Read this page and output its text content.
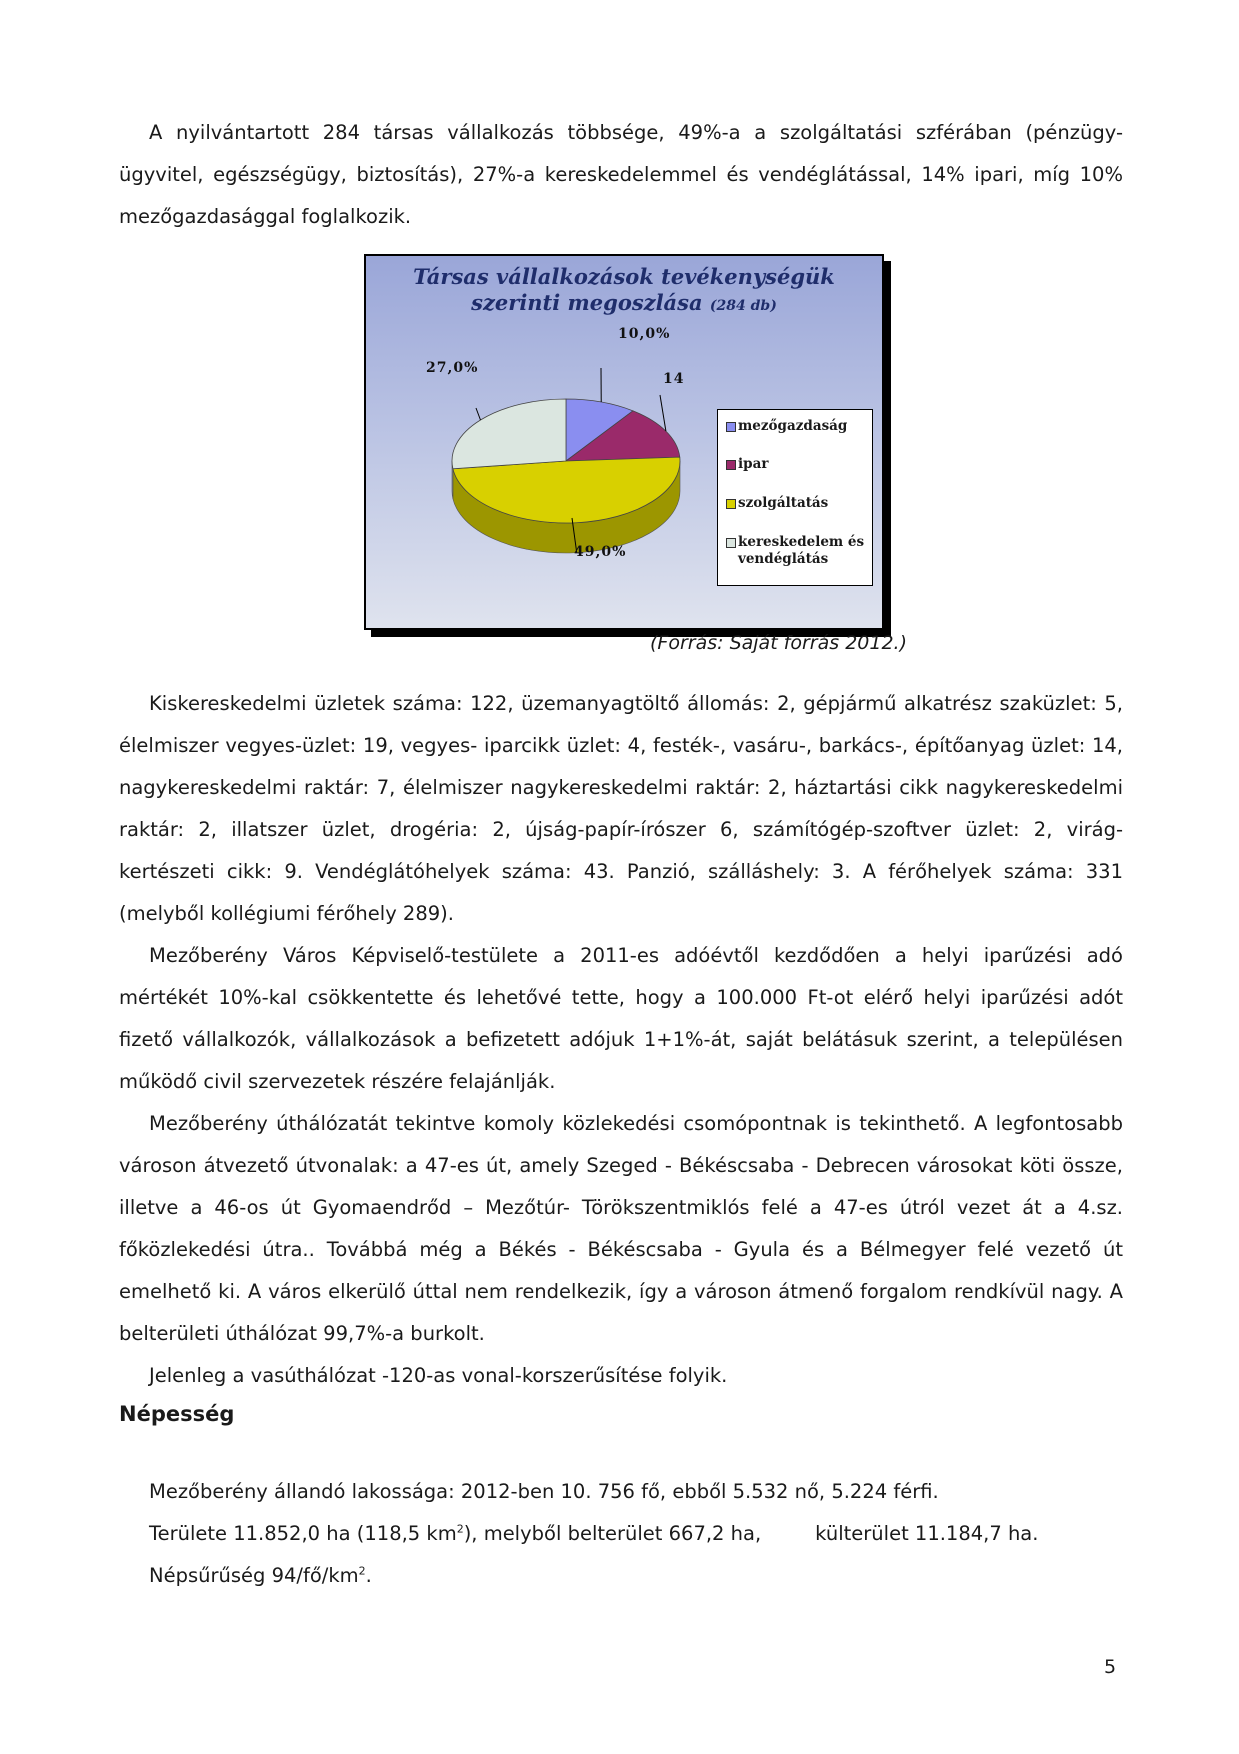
A nyilvántartott 284 társas vállalkozás többsége, 49%-a a szolgáltatási szférában (pénzügy-ügyvitel, egészségügy, biztosítás), 27%-a kereskedelemmel és vendéglátással, 14% ipari, míg 10% mezőgazdasággal foglalkozik.

Társas vállalkozások tevékenységük
szerinti megoszlása (284 db)
mezőgazdaság
ipar
szolgáltatás
kereskedelem és vendéglátás
10,0%
14
49,0%
27,0%
(Forrás: Saját forrás 2012.)

Kiskereskedelmi üzletek száma: 122, üzemanyagtöltő állomás: 2, gépjármű alkatrész szaküzlet: 5, élelmiszer vegyes-üzlet: 19, vegyes- iparcikk üzlet: 4, festék-, vasáru-, barkács-, építőanyag üzlet: 14, nagykereskedelmi raktár: 7, élelmiszer nagykereskedelmi raktár: 2, háztartási cikk nagykereskedelmi raktár: 2, illatszer üzlet, drogéria: 2, újság-papír-írószer 6, számítógép-szoftver üzlet: 2, virág- kertészeti cikk: 9. Vendéglátóhelyek száma: 43. Panzió, szálláshely: 3. A férőhelyek száma: 331 (melyből kollégiumi férőhely 289).

Mezőberény Város Képviselő-testülete a 2011-es adóévtől kezdődően a helyi iparűzési adó mértékét 10%-kal csökkentette és lehetővé tette, hogy a 100.000 Ft-ot elérő helyi iparűzési adót fizető vállalkozók, vállalkozások a befizetett adójuk 1+1%-át, saját belátásuk szerint, a településen működő civil szervezetek részére felajánlják.

Mezőberény úthálózatát tekintve komoly közlekedési csomópontnak is tekinthető. A legfontosabb városon átvezető útvonalak: a 47-es út, amely Szeged - Békéscsaba - Debrecen városokat köti össze, illetve a 46-os út Gyomaendrőd – Mezőtúr- Törökszentmiklós felé a 47-es útról vezet át a 4.sz. főközlekedési útra.. Továbbá még a Békés - Békéscsaba - Gyula és a Bélmegyer felé vezető út emelhető ki. A város elkerülő úttal nem rendelkezik, így a városon átmenő forgalom rendkívül nagy. A belterületi úthálózat 99,7%-a burkolt.

Jelenleg a vasúthálózat -120-as vonal-korszerűsítése folyik.

Népesség
Mezőberény állandó lakossága: 2012-ben 10. 756 fő, ebből 5.532 nő, 5.224 férfi.
Területe 11.852,0 ha (118,5 $km^2$), melyből belterület 667,2 ha,	külterület 11.184,7 ha.
Népsűrűség $94/fő/km^2$.
5
